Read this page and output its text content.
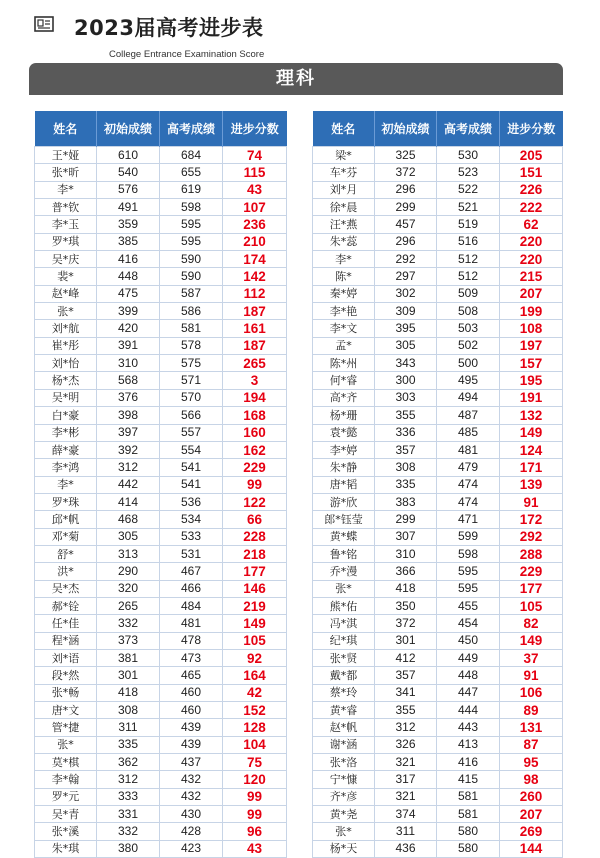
2023届高考进步表
College Entrance Examination Score
理科
姓名	初始成绩	高考成绩	进步分数
王*娅	610	684	74
张*昕	540	655	115
李*	576	619	43
普*钦	491	598	107
李*玉	359	595	236
罗*琪	385	595	210
吴*庆	416	590	174
裴*	448	590	142
赵*峰	475	587	112
张*	399	586	187
刘*航	420	581	161
崔*彤	391	578	187
刘*怡	310	575	265
杨*杰	568	571	3
吴*明	376	570	194
白*豪	398	566	168
李*彬	397	557	160
薛*豪	392	554	162
李*鸿	312	541	229
李*	442	541	99
罗*珠	414	536	122
邱*帆	468	534	66
邓*菊	305	533	228
舒*	313	531	218
洪*	290	467	177
吴*杰	320	466	146
郝*铨	265	484	219
任*佳	332	481	149
程*涵	373	478	105
刘*语	381	473	92
段*然	301	465	164
张*畅	418	460	42
唐*文	308	460	152
管*捷	311	439	128
张*	335	439	104
莫*棋	362	437	75
李*翰	312	432	120
罗*元	333	432	99
吴*青	331	430	99
张*溪	332	428	96
朱*琪	380	423	43
姓名	初始成绩	高考成绩	进步分数
梁*	325	530	205
车*芬	372	523	151
刘*月	296	522	226
徐*晨	299	521	222
汪*燕	457	519	62
朱*蕊	296	516	220
李*	292	512	220
陈*	297	512	215
秦*婷	302	509	207
李*艳	309	508	199
李*文	395	503	108
孟*	305	502	197
陈*州	343	500	157
何*睿	300	495	195
高*齐	303	494	191
杨*珊	355	487	132
袁*懿	336	485	149
李*婷	357	481	124
朱*静	308	479	171
唐*韬	335	474	139
游*欣	383	474	91
郎*钰莹	299	471	172
黄*蝶	307	599	292
鲁*铭	310	598	288
乔*漫	366	595	229
张*	418	595	177
熊*佑	350	455	105
冯*淇	372	454	82
纪*琪	301	450	149
张*贤	412	449	37
戴*都	357	448	91
蔡*玲	341	447	106
黄*睿	355	444	89
赵*帆	312	443	131
谢*涵	326	413	87
张*洛	321	416	95
宁*慷	317	415	98
齐*彦	321	581	260
黄*尧	374	581	207
张*	311	580	269
杨*天	436	580	144
